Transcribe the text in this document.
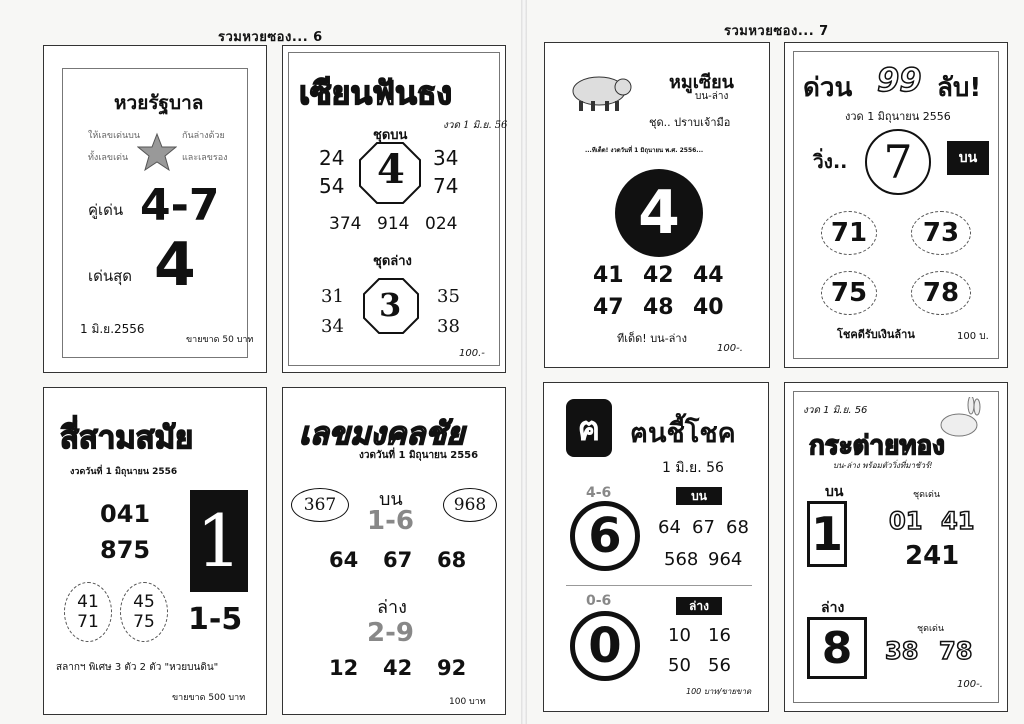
รวมหวยซอง... 6	รวมหวยซอง... 7
หวยรัฐบาล
ให้เลขเด่นบน	กันล่างด้วย
ทั้งเลขเด่น	และเลขรอง
คู่เด่น 4-7
เด่นสุด 4
1 มิ.ย.2556
ขายขาด 50 บาท
เซียนฟันธง
งวด 1 มิ.ย. 56
ชุดบน
24
54 4 34
74
374 914 024
ชุดล่าง
31
34
3 35
38
100.-
สี่สามสมัย
งวดวันที่ 1 มิถุนายน 2556
041
875 1
41
71
45
75 1-5
สลากฯ พิเศษ 3 ตัว 2 ตัว "หวยบนดิน"
ขายขาด 500 บาท
เลขมงคลชัย
งวดวันที่ 1 มิถุนายน 2556
367	968
บน
1-6
64 67 68
ล่าง
2-9
12 42 92
100 บาท
หมูเซียน
บน-ล่าง
ชุด.. ปราบเจ้ามือ
...ทีเด็ด! งวดวันที่ 1 มิถุนายน พ.ศ. 2556...
4
41 42 44
47 48 40
ทีเด็ด! บน-ล่าง
100-.
ด่วน 99 ลับ!
งวด 1 มิถุนายน 2556
วิ่ง.. 7	บน
71 73
75 78
โชคดีรับเงินล้าน	100 บ.
ฅ ฅนชี้โชค
1 มิ.ย. 56
4-6	บน
6 64 67 68
568 964
0-6	ล่าง
0	10 16
50 56
100 บาท/ขายขาด
งวด 1 มิ.ย. 56
กระต่ายทอง
บน-ล่าง พร้อมตัววิ่งที่มาชัวร์!
บน
1
ชุดเด่น
01 41
241
ล่าง
8	ชุดเด่น
38 78
100-.
